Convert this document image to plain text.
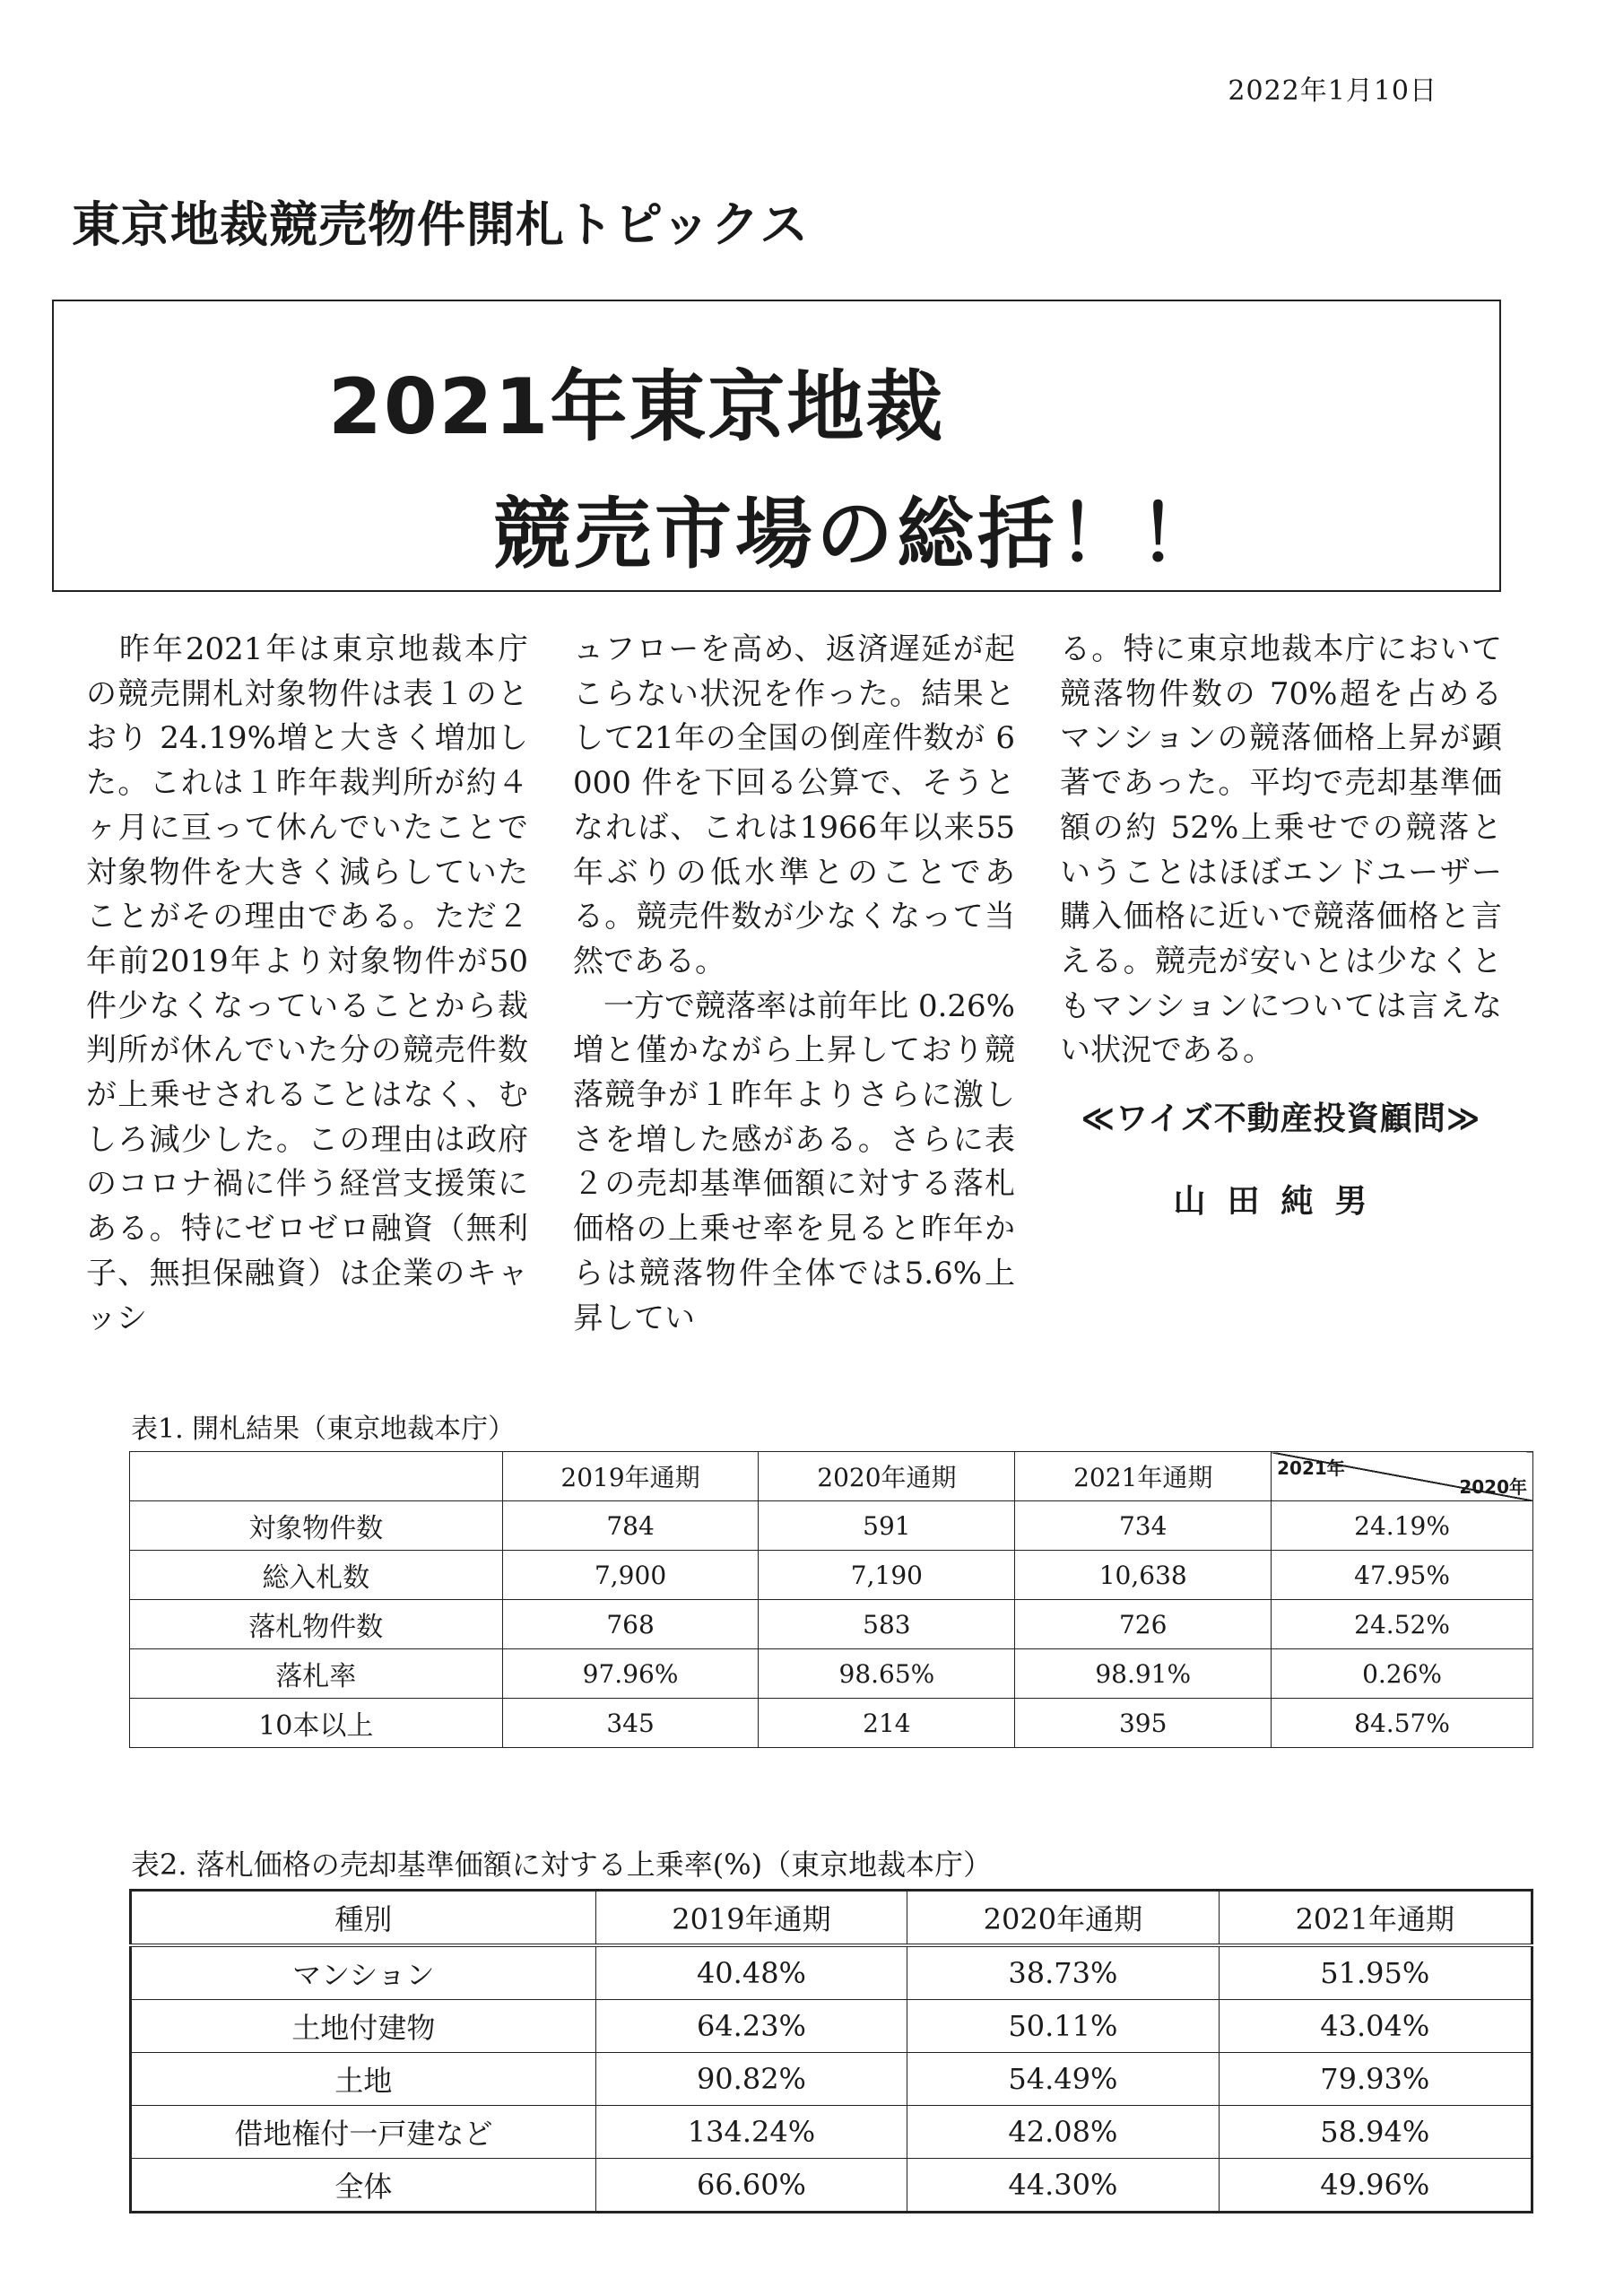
2022年1月10日
東京地裁競売物件開札トピックス
2021年東京地裁
競売市場の総括！！
　昨年2021年は東京地裁本庁の競売開札対象物件は表１のとおり 24.19%増と大きく増加した。これは１昨年裁判所が約４ヶ月に亘って休んでいたことで対象物件を大きく減らしていたことがその理由である。ただ２年前2019年より対象物件が50件少なくなっていることから裁判所が休んでいた分の競売件数が上乗せされることはなく、むしろ減少した。この理由は政府のコロナ禍に伴う経営支援策にある。特にゼロゼロ融資（無利子、無担保融資）は企業のキャッシ
ュフローを高め、返済遅延が起こらない状況を作った。結果として21年の全国の倒産件数が 6000 件を下回る公算で、そうとなれば、これは1966年以来55年ぶりの低水準とのことである。競売件数が少なくなって当然である。
　一方で競落率は前年比 0.26%増と僅かながら上昇しており競落競争が１昨年よりさらに激しさを増した感がある。さらに表２の売却基準価額に対する落札価格の上乗せ率を見ると昨年からは競落物件全体では5.6%上昇してい
る。特に東京地裁本庁において競落物件数の 70%超を占めるマンションの競落価格上昇が顕著であった。平均で売却基準価額の約 52%上乗せでの競落ということはほぼエンドユーザー購入価格に近いで競落価格と言える。競売が安いとは少なくともマンションについては言えない状況である。
≪ワイズ不動産投資顧問≫
山田純男
表1. 開札結果（東京地裁本庁）
	2019年通期	2020年通期	2021年通期	2021年
2020年

対象物件数	784	591	734	24.19%
総入札数	7,900	7,190	10,638	47.95%
落札物件数	768	583	726	24.52%
落札率	97.96%	98.65%	98.91%	0.26%
10本以上	345	214	395	84.57%
表2. 落札価格の売却基準価額に対する上乗率(%)（東京地裁本庁）
種別	2019年通期	2020年通期	2021年通期
マンション	40.48%	38.73%	51.95%
土地付建物	64.23%	50.11%	43.04%
土地	90.82%	54.49%	79.93%
借地権付一戸建など	134.24%	42.08%	58.94%
全体	66.60%	44.30%	49.96%
